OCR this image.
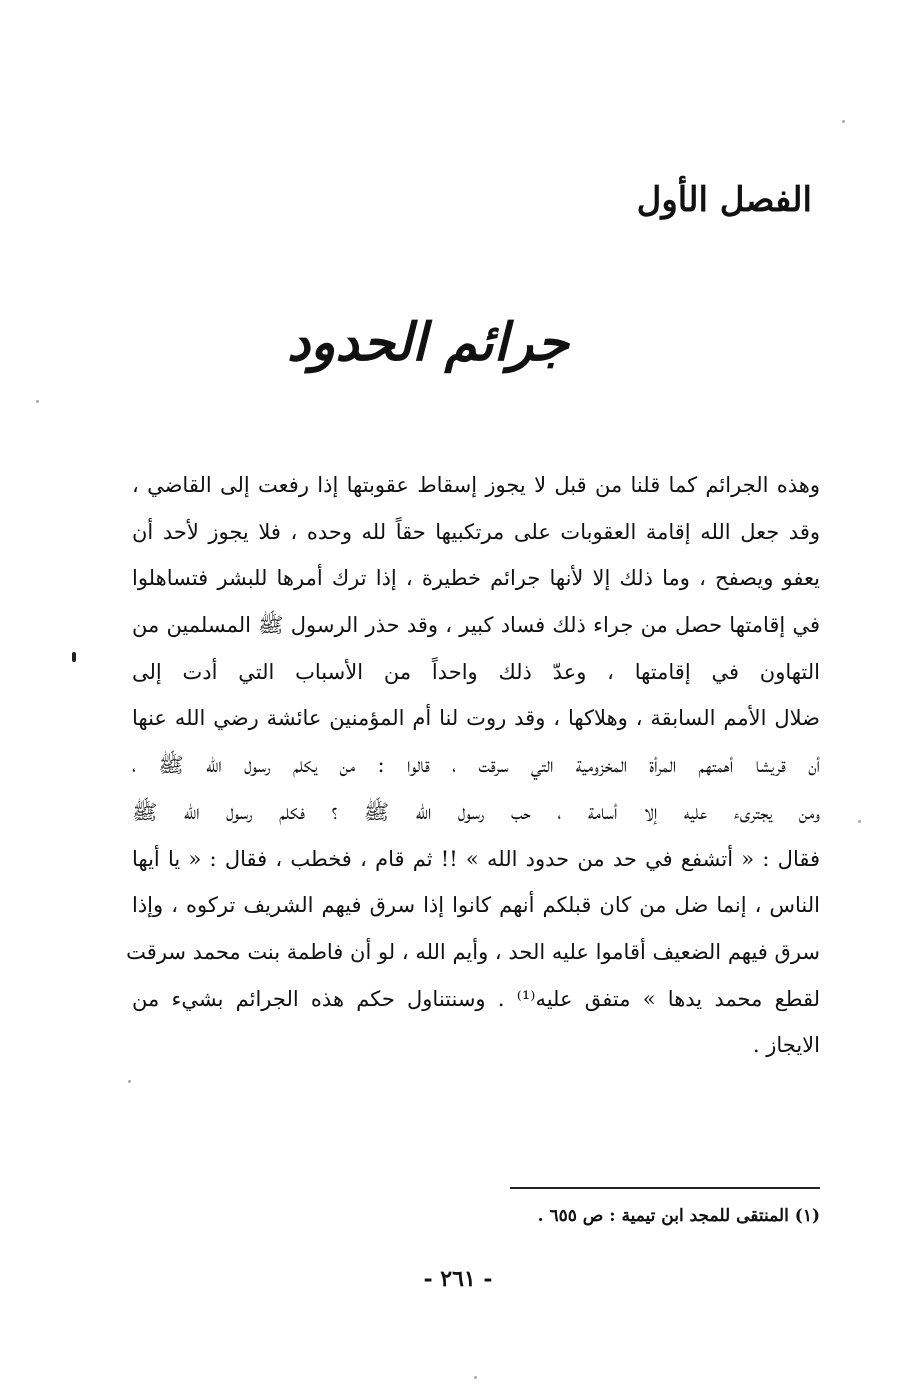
الفصل الأول
جرائم الحدود
وهذه الجرائم كما قلنا من قبل لا يجوز إسقاط عقوبتها إذا رفعت إلى القاضي ،
وقد جعل الله إقامة العقوبات على مرتكبيها حقاً لله وحده ، فلا يجوز لأحد أن
يعفو ويصفح ، وما ذلك إلا لأنها جرائم خطيرة ، إذا ترك أمرها للبشر فتساهلوا
في إقامتها حصل من جراء ذلك فساد كبير ، وقد حذر الرسول ﷺ المسلمين من
التهاون في إقامتها ، وعدّ ذلك واحداً من الأسباب التي أدت إلى
ضلال الأمم السابقة ، وهلاكها ، وقد روت لنا أم المؤمنين عائشة رضي الله عنها
أن قريشا أهمتهم المرأة المخزومية التي سرقت ، قالوا : من يكلم رسول الله ﷺ ،
ومن يجترىء عليه إلا أسامة ، حب رسول الله ﷺ ؟ فكلم رسول الله ﷺ
فقال : « أتشفع في حد من حدود الله » !! ثم قام ، فخطب ، فقال : « يا أيها
الناس ، إنما ضل من كان قبلكم أنهم كانوا إذا سرق فيهم الشريف تركوه ، وإذا
سرق فيهم الضعيف أقاموا عليه الحد ، وأيم الله ، لو أن فاطمة بنت محمد سرقت
لقطع محمد يدها » متفق عليه⁽¹⁾ . وسنتناول حكم هذه الجرائم بشيء من
الايجاز .
(١) المنتقى للمجد ابن تيمية : ص ٦٥٥ .
- ٢٦١ -
